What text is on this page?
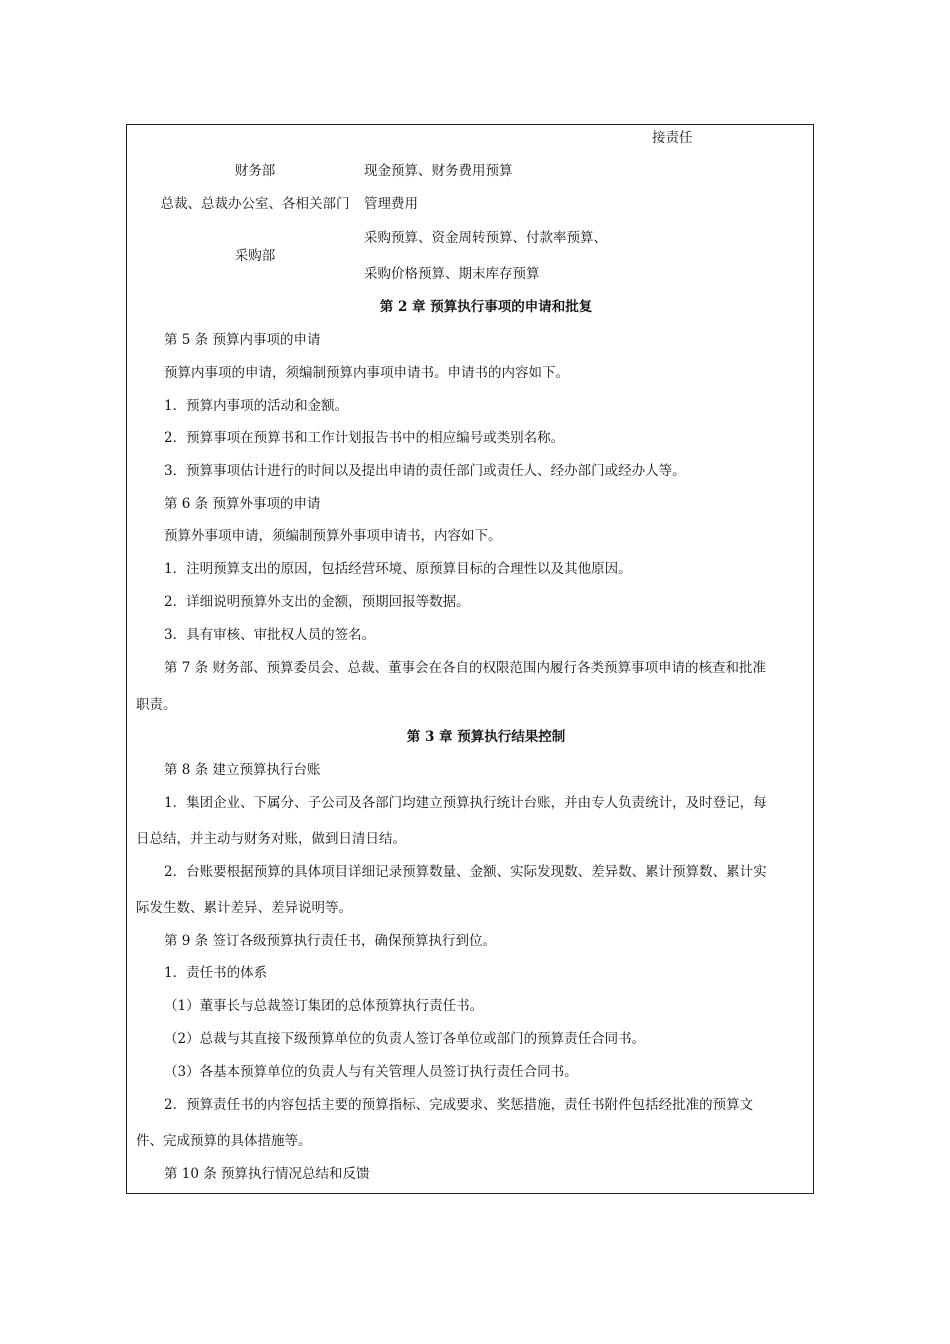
接责任
财务部	现金预算、财务费用预算
总裁、总裁办公室、各相关部门	管理费用
采购部
采购预算、资金周转预算、付款率预算、
采购价格预算、期末库存预算
第 2 章 预算执行事项的申请和批复
第 5 条 预算内事项的申请
预算内事项的申请，须编制预算内事项申请书。申请书的内容如下。
1．预算内事项的活动和金额。
2．预算事项在预算书和工作计划报告书中的相应编号或类别名称。
3．预算事项估计进行的时间以及提出申请的责任部门或责任人、经办部门或经办人等。
第 6 条 预算外事项的申请
预算外事项申请，须编制预算外事项申请书，内容如下。
1．注明预算支出的原因，包括经营环境、原预算目标的合理性以及其他原因。
2．详细说明预算外支出的金额，预期回报等数据。
3．具有审核、审批权人员的签名。
第 7 条 财务部、预算委员会、总裁、董事会在各自的权限范围内履行各类预算事项申请的核查和批准
职责。
第 3 章 预算执行结果控制
第 8 条 建立预算执行台账
1．集团企业、下属分、子公司及各部门均建立预算执行统计台账，并由专人负责统计，及时登记，每
日总结，并主动与财务对账，做到日清日结。
2．台账要根据预算的具体项目详细记录预算数量、金额、实际发现数、差异数、累计预算数、累计实
际发生数、累计差异、差异说明等。
第 9 条 签订各级预算执行责任书，确保预算执行到位。
1．责任书的体系
（1）董事长与总裁签订集团的总体预算执行责任书。
（2）总裁与其直接下级预算单位的负责人签订各单位或部门的预算责任合同书。
（3）各基本预算单位的负责人与有关管理人员签订执行责任合同书。
2．预算责任书的内容包括主要的预算指标、完成要求、奖惩措施，责任书附件包括经批准的预算文
件、完成预算的具体措施等。
第 10 条 预算执行情况总结和反馈
